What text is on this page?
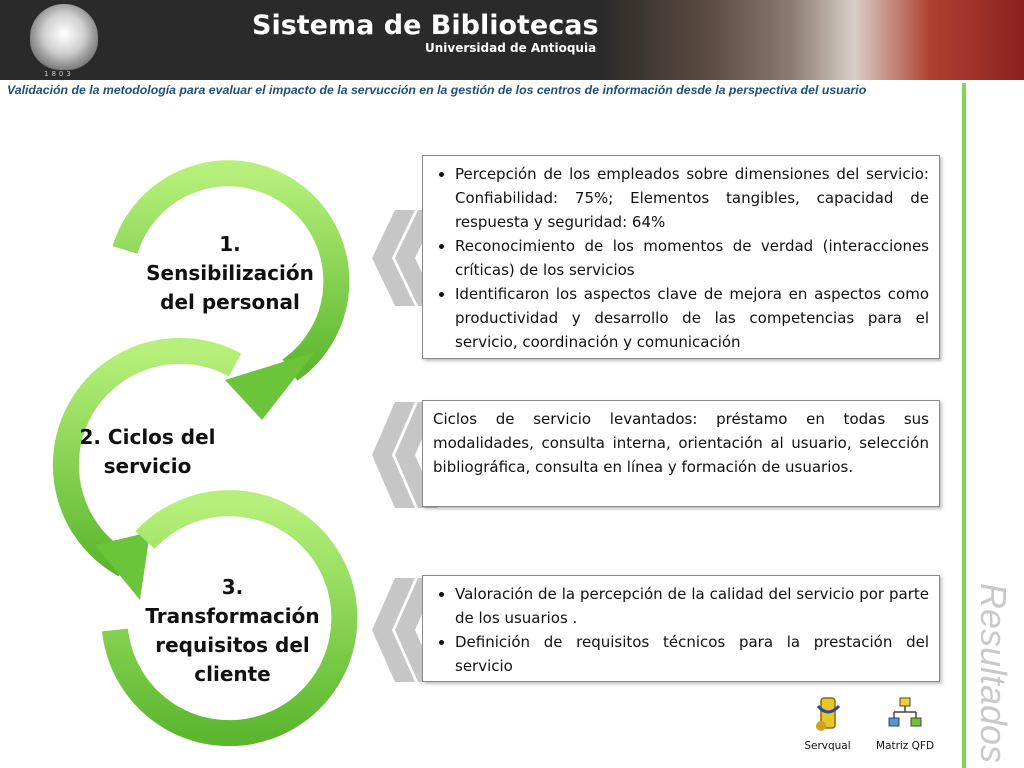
1803
Sistema de Bibliotecas
Universidad de Antioquia
Validación de la metodología para evaluar el impacto de la servucción en la gestión de los centros de información desde la perspectiva del usuario
Resultados
1.
Sensibilización
del personal
2. Ciclos del
servicio
3.
Transformación
requisitos del
cliente
• Percepción de los empleados sobre dimensiones del servicio: Confiabilidad: 75%; Elementos tangibles, capacidad de respuesta y seguridad: 64%
• Reconocimiento de los momentos de verdad (interacciones críticas) de los servicios
• Identificaron los aspectos clave de mejora en aspectos como productividad y desarrollo de las competencias para el servicio, coordinación y comunicación

Ciclos de servicio levantados: préstamo en todas sus modalidades, consulta interna, orientación al usuario, selección bibliográfica, consulta en línea y formación de usuarios.

• Valoración de la percepción de la calidad del servicio por parte de los usuarios .
• Definición de requisitos técnicos para la prestación del servicio
Servqual	Matriz QFD
